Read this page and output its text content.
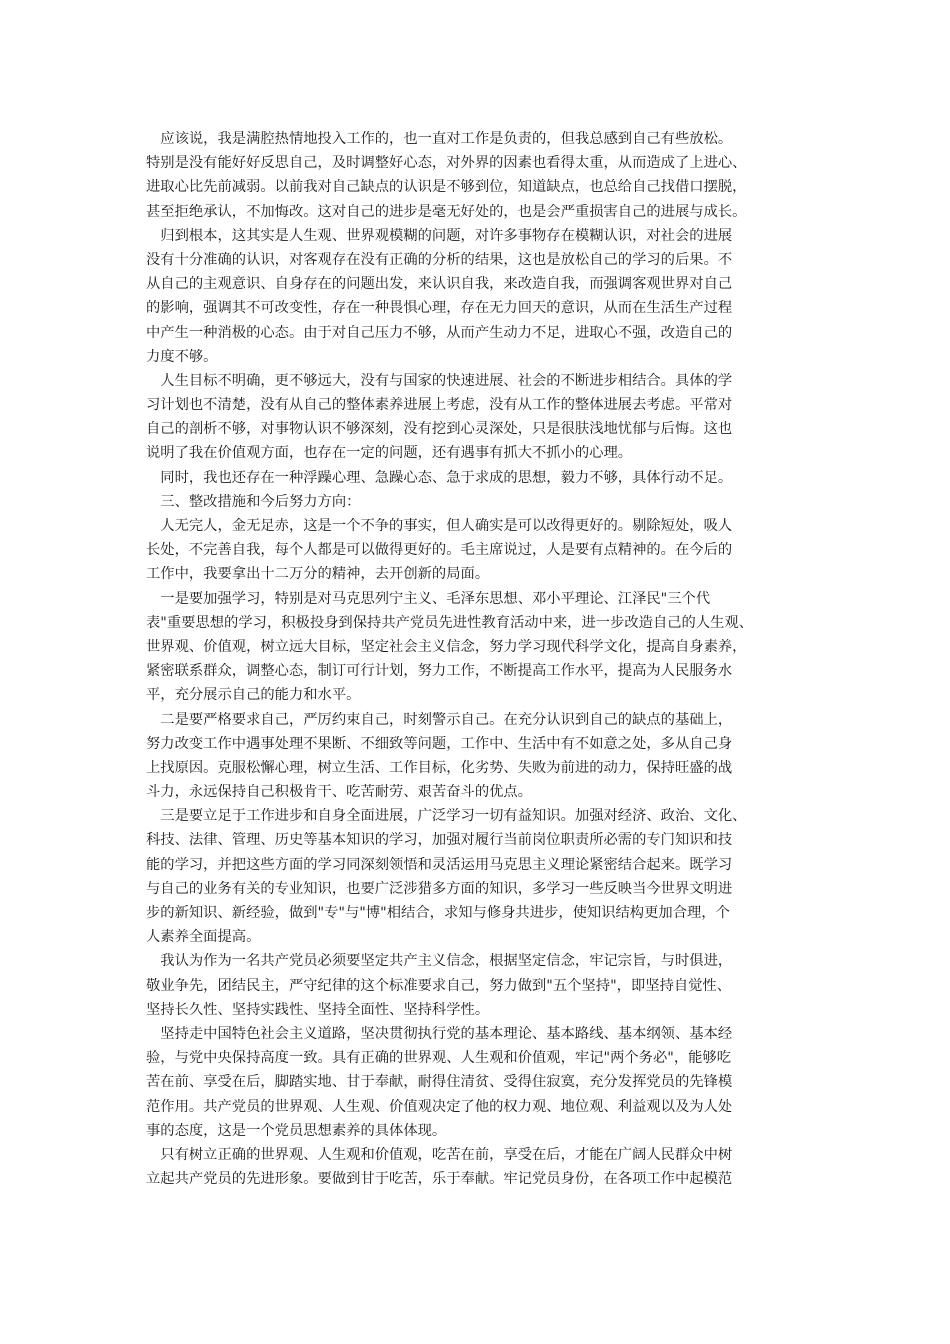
　应该说，我是满腔热情地投入工作的，也一直对工作是负责的，但我总感到自己有些放松。
特别是没有能好好反思自己，及时调整好心态，对外界的因素也看得太重，从而造成了上进心、
进取心比先前减弱。以前我对自己缺点的认识是不够到位，知道缺点，也总给自己找借口摆脱，
甚至拒绝承认，不加悔改。这对自己的进步是毫无好处的，也是会严重损害自己的进展与成长。
　归到根本，这其实是人生观、世界观模糊的问题，对许多事物存在模糊认识，对社会的进展
没有十分准确的认识，对客观存在没有正确的分析的结果，这也是放松自己的学习的后果。不
从自己的主观意识、自身存在的问题出发，来认识自我，来改造自我，而强调客观世界对自己
的影响，强调其不可改变性，存在一种畏惧心理，存在无力回天的意识，从而在生活生产过程
中产生一种消极的心态。由于对自己压力不够，从而产生动力不足，进取心不强，改造自己的
力度不够。
　人生目标不明确，更不够远大，没有与国家的快速进展、社会的不断进步相结合。具体的学
习计划也不清楚，没有从自己的整体素养进展上考虑，没有从工作的整体进展去考虑。平常对
自己的剖析不够，对事物认识不够深刻，没有挖到心灵深处，只是很肤浅地忧郁与后悔。这也
说明了我在价值观方面，也存在一定的问题，还有遇事有抓大不抓小的心理。
　同时，我也还存在一种浮躁心理、急躁心态、急于求成的思想，毅力不够，具体行动不足。
　三、整改措施和今后努力方向：
　人无完人，金无足赤，这是一个不争的事实，但人确实是可以改得更好的。剔除短处，吸人
长处，不完善自我，每个人都是可以做得更好的。毛主席说过，人是要有点精神的。在今后的
工作中，我要拿出十二万分的精神，去开创新的局面。
　一是要加强学习，特别是对马克思列宁主义、毛泽东思想、邓小平理论、江泽民"三个代
表"重要思想的学习，积极投身到保持共产党员先进性教育活动中来，进一步改造自己的人生观、
世界观、价值观，树立远大目标，坚定社会主义信念，努力学习现代科学文化，提高自身素养，
紧密联系群众，调整心态，制订可行计划，努力工作，不断提高工作水平，提高为人民服务水
平，充分展示自己的能力和水平。
　二是要严格要求自己，严厉约束自己，时刻警示自己。在充分认识到自己的缺点的基础上，
努力改变工作中遇事处理不果断、不细致等问题，工作中、生活中有不如意之处，多从自己身
上找原因。克服松懈心理，树立生活、工作目标，化劣势、失败为前进的动力，保持旺盛的战
斗力，永远保持自己积极肯干、吃苦耐劳、艰苦奋斗的优点。
　三是要立足于工作进步和自身全面进展，广泛学习一切有益知识。加强对经济、政治、文化、
科技、法律、管理、历史等基本知识的学习，加强对履行当前岗位职责所必需的专门知识和技
能的学习，并把这些方面的学习同深刻领悟和灵活运用马克思主义理论紧密结合起来。既学习
与自己的业务有关的专业知识，也要广泛涉猎多方面的知识，多学习一些反映当今世界文明进
步的新知识、新经验，做到"专"与"博"相结合，求知与修身共进步，使知识结构更加合理，个
人素养全面提高。
　我认为作为一名共产党员必须要坚定共产主义信念，根据坚定信念，牢记宗旨，与时俱进，
敬业争先，团结民主，严守纪律的这个标准要求自己，努力做到"五个坚持"，即坚持自觉性、
坚持长久性、坚持实践性、坚持全面性、坚持科学性。
　坚持走中国特色社会主义道路，坚决贯彻执行党的基本理论、基本路线、基本纲领、基本经
验，与党中央保持高度一致。具有正确的世界观、人生观和价值观，牢记"两个务必"，能够吃
苦在前、享受在后，脚踏实地、甘于奉献，耐得住清贫、受得住寂寞，充分发挥党员的先锋模
范作用。共产党员的世界观、人生观、价值观决定了他的权力观、地位观、利益观以及为人处
事的态度，这是一个党员思想素养的具体体现。
　只有树立正确的世界观、人生观和价值观，吃苦在前，享受在后，才能在广阔人民群众中树
立起共产党员的先进形象。要做到甘于吃苦，乐于奉献。牢记党员身份，在各项工作中起模范
